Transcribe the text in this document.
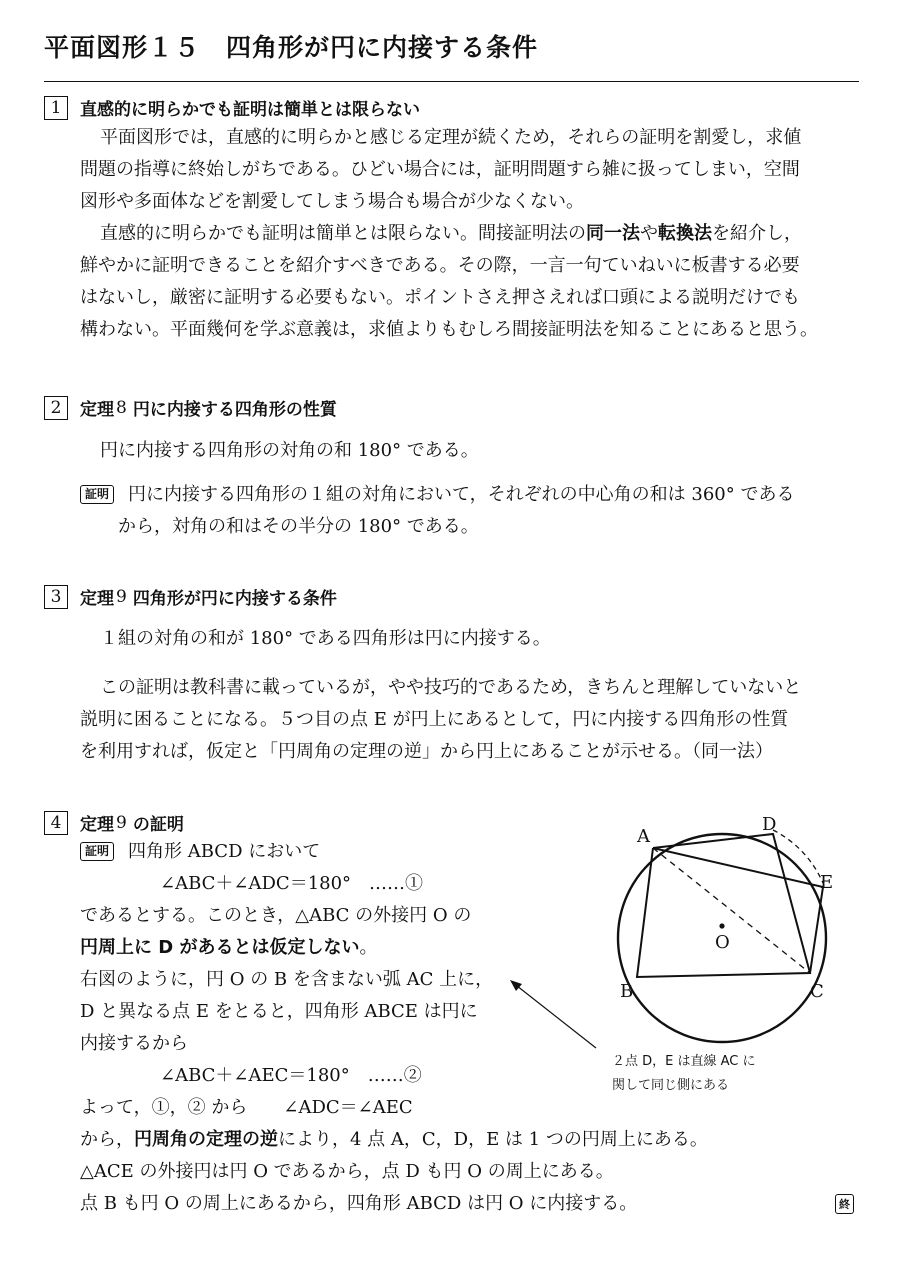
平面図形１５　四角形が円に内接する条件
1	直感的に明らかでも証明は簡単とは限らない
平面図形では，直感的に明らかと感じる定理が続くため，それらの証明を割愛し，求値
問題の指導に終始しがちである。ひどい場合には，証明問題すら雑に扱ってしまい，空間
図形や多面体などを割愛してしまう場合も場合が少なくない。
直感的に明らかでも証明は簡単とは限らない。間接証明法の同一法や転換法を紹介し，
鮮やかに証明できることを紹介すべきである。その際，一言一句ていねいに板書する必要
はないし，厳密に証明する必要もない。ポイントさえ押さえれば口頭による説明だけでも
構わない。平面幾何を学ぶ意義は，求値よりもむしろ間接証明法を知ることにあると思う。
2	定理 8 円に内接する四角形の性質
円に内接する四角形の対角の和 180° である。
証明 円に内接する四角形の１組の対角において，それぞれの中心角の和は 360° である
から，対角の和はその半分の 180° である。
3	定理 9 四角形が円に内接する条件
１組の対角の和が 180° である四角形は円に内接する。
この証明は教科書に載っているが，やや技巧的であるため，きちんと理解していないと
説明に困ることになる。５つ目の点 E が円上にあるとして，円に内接する四角形の性質
を利用すれば，仮定と「円周角の定理の逆」から円上にあることが示せる。（同一法）
4	定理 9 の証明
証明 四角形 ABCD において
∠ABC＋∠ADC＝180°　……①
であるとする。このとき，△ABC の外接円 O の
円周上に D があるとは仮定しない。
右図のように，円 O の B を含まない弧 AC 上に，
D と異なる点 E をとると，四角形 ABCE は円に
内接するから
∠ABC＋∠AEC＝180°　……②
よって，①，② から　　∠ADC＝∠AEC
から，円周角の定理の逆により，4 点 A，C，D，E は 1 つの円周上にある。
△ACE の外接円は円 O であるから，点 D も円 O の周上にある。
点 B も円 O の周上にあるから，四角形 ABCD は円 O に内接する。	終
A
D
E
O
B	C
２点 D，E は直線 AC に
関して同じ側にある
